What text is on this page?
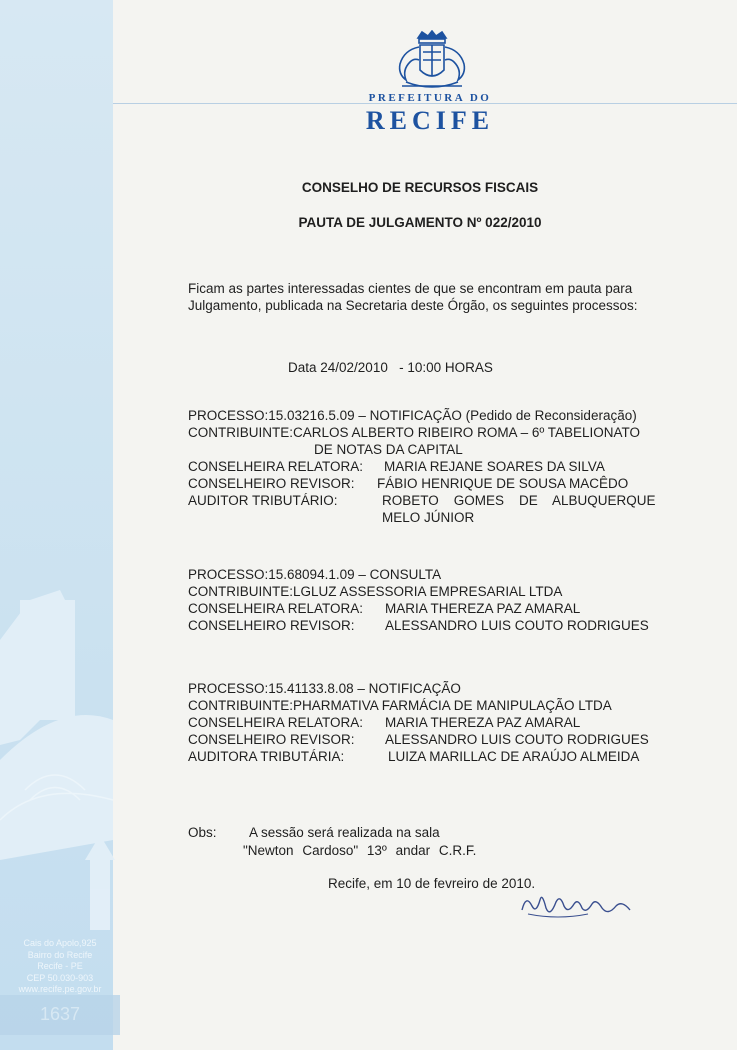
1637
Cais do Apolo,925
Bairro do Recife
Recife - PE
CEP 50.030-903
www.recife.pe.gov.br
PREFEITURA DO
RECIFE
CONSELHO DE RECURSOS FISCAIS
PAUTA DE JULGAMENTO Nº 022/2010
Ficam as partes interessadas cientes de que se encontram em pauta para Julgamento, publicada na Secretaria deste Órgão, os seguintes processos:
Data 24/02/2010   - 10:00 HORAS
PROCESSO:15.03216.5.09 – NOTIFICAÇÃO (Pedido de Reconsideração)
CONTRIBUINTE:CARLOS ALBERTO RIBEIRO ROMA – 6º TABELIONATO
DE NOTAS DA CAPITAL
CONSELHEIRA RELATORA: MARIA REJANE SOARES DA SILVA
CONSELHEIRO REVISOR: FÁBIO HENRIQUE DE SOUSA MACÊDO
AUDITOR TRIBUTÁRIO:	ROBETO    GOMES    DE    ALBUQUERQUE
MELO JÚNIOR
PROCESSO:15.68094.1.09 – CONSULTA
CONTRIBUINTE:LGLUZ ASSESSORIA EMPRESARIAL LTDA
CONSELHEIRA RELATORA: MARIA THEREZA PAZ AMARAL
CONSELHEIRO REVISOR: ALESSANDRO LUIS COUTO RODRIGUES
PROCESSO:15.41133.8.08 – NOTIFICAÇÃO
CONTRIBUINTE:PHARMATIVA FARMÁCIA DE MANIPULAÇÃO LTDA
CONSELHEIRA RELATORA: MARIA THEREZA PAZ AMARAL
CONSELHEIRO REVISOR: ALESSANDRO LUIS COUTO RODRIGUES
AUDITORA TRIBUTÁRIA:	LUIZA MARILLAC DE ARAÚJO ALMEIDA
Obs: A sessão será realizada na sala
"Newton Cardoso" 13º andar C.R.F.
Recife, em 10 de fevreiro de 2010.
